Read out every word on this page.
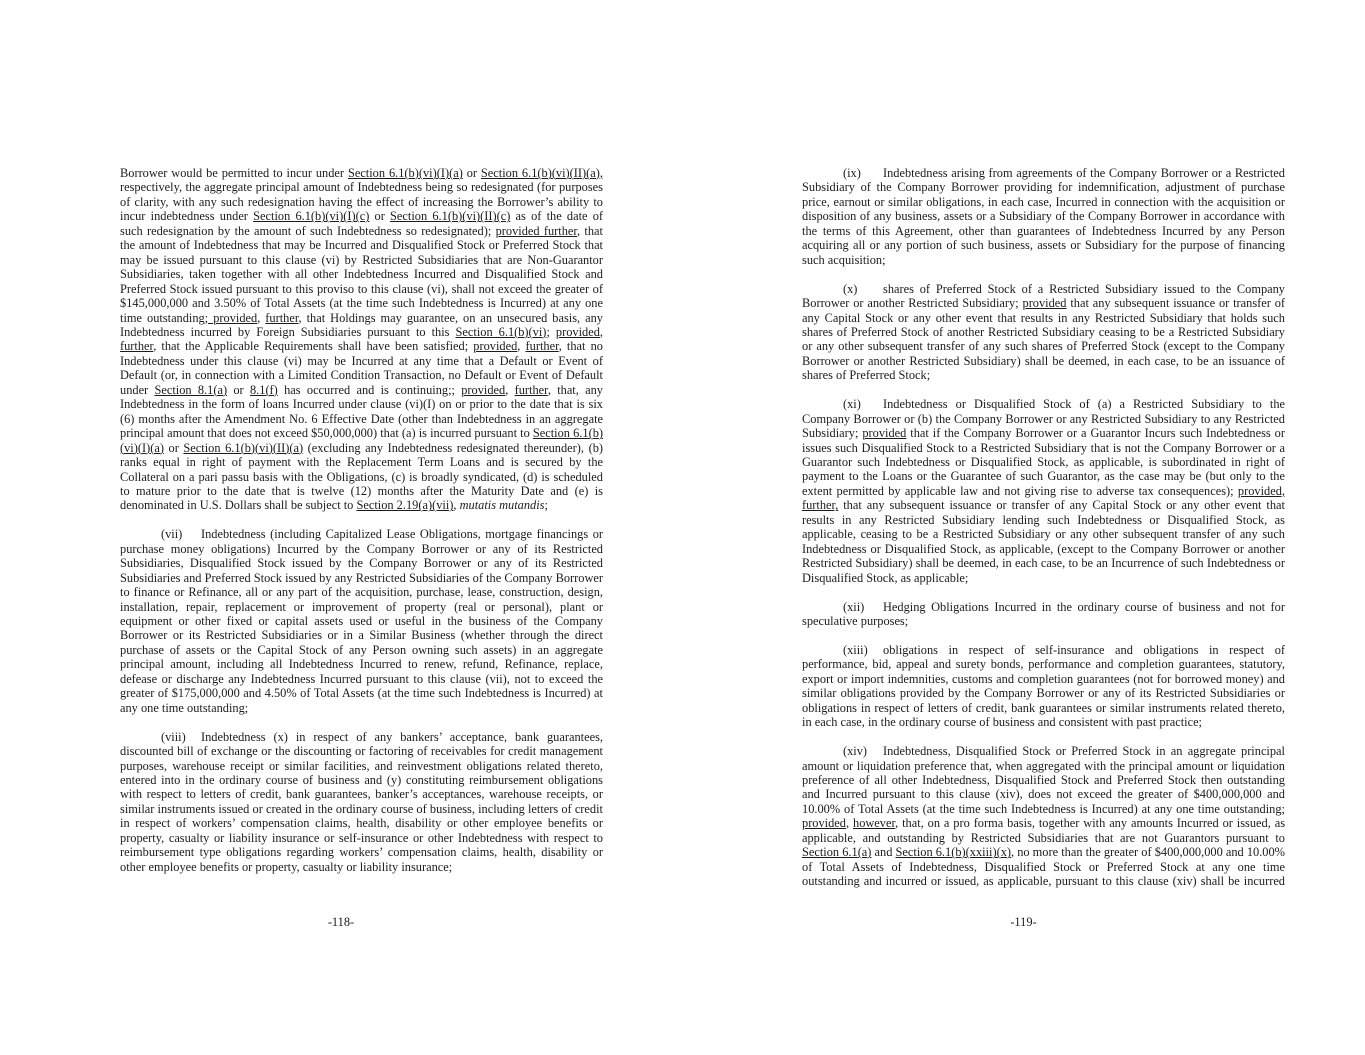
Borrower would be permitted to incur under Section 6.1(b)(vi)(I)(a) or Section 6.1(b)(vi)(II)(a), respectively, the aggregate principal amount of Indebtedness being so redesignated (for purposes of clarity, with any such redesignation having the effect of increasing the Borrower’s ability to incur indebtedness under Section 6.1(b)(vi)(I)(c) or Section 6.1(b)(vi)(II)(c) as of the date of such redesignation by the amount of such Indebtedness so redesignated); provided further, that the amount of Indebtedness that may be Incurred and Disqualified Stock or Preferred Stock that may be issued pursuant to this clause (vi) by Restricted Subsidiaries that are Non-Guarantor Subsidiaries, taken together with all other Indebtedness Incurred and Disqualified Stock and Preferred Stock issued pursuant to this proviso to this clause (vi), shall not exceed the greater of $145,000,000 and 3.50% of Total Assets (at the time such Indebtedness is Incurred) at any one time outstanding; provided, further, that Holdings may guarantee, on an unsecured basis, any Indebtedness incurred by Foreign Subsidiaries pursuant to this Section 6.1(b)(vi); provided, further, that the Applicable Requirements shall have been satisfied; provided, further, that no Indebtedness under this clause (vi) may be Incurred at any time that a Default or Event of Default (or, in connection with a Limited Condition Transaction, no Default or Event of Default under Section 8.1(a) or 8.1(f) has occurred and is continuing;; provided, further, that, any Indebtedness in the form of loans Incurred under clause (vi)(I) on or prior to the date that is six (6) months after the Amendment No. 6 Effective Date (other than Indebtedness in an aggregate principal amount that does not exceed $50,000,000) that (a) is incurred pursuant to Section 6.1(b)(vi)(I)(a) or Section 6.1(b)(vi)(II)(a) (excluding any Indebtedness redesignated thereunder), (b) ranks equal in right of payment with the Replacement Term Loans and is secured by the Collateral on a pari passu basis with the Obligations, (c) is broadly syndicated, (d) is scheduled to mature prior to the date that is twelve (12) months after the Maturity Date and (e) is denominated in U.S. Dollars shall be subject to Section 2.19(a)(vii), mutatis mutandis;

(vii) Indebtedness (including Capitalized Lease Obligations, mortgage financings or purchase money obligations) Incurred by the Company Borrower or any of its Restricted Subsidiaries, Disqualified Stock issued by the Company Borrower or any of its Restricted Subsidiaries and Preferred Stock issued by any Restricted Subsidiaries of the Company Borrower to finance or Refinance, all or any part of the acquisition, purchase, lease, construction, design, installation, repair, replacement or improvement of property (real or personal), plant or equipment or other fixed or capital assets used or useful in the business of the Company Borrower or its Restricted Subsidiaries or in a Similar Business (whether through the direct purchase of assets or the Capital Stock of any Person owning such assets) in an aggregate principal amount, including all Indebtedness Incurred to renew, refund, Refinance, replace, defease or discharge any Indebtedness Incurred pursuant to this clause (vii), not to exceed the greater of $175,000,000 and 4.50% of Total Assets (at the time such Indebtedness is Incurred) at any one time outstanding;

(viii) Indebtedness (x) in respect of any bankers’ acceptance, bank guarantees, discounted bill of exchange or the discounting or factoring of receivables for credit management purposes, warehouse receipt or similar facilities, and reinvestment obligations related thereto, entered into in the ordinary course of business and (y) constituting reimbursement obligations with respect to letters of credit, bank guarantees, banker’s acceptances, warehouse receipts, or similar instruments issued or created in the ordinary course of business, including letters of credit in respect of workers’ compensation claims, health, disability or other employee benefits or property, casualty or liability insurance or self-insurance or other Indebtedness with respect to reimbursement type obligations regarding workers’ compensation claims, health, disability or other employee benefits or property, casualty or liability insurance;

-118-

(ix) Indebtedness arising from agreements of the Company Borrower or a Restricted Subsidiary of the Company Borrower providing for indemnification, adjustment of purchase price, earnout or similar obligations, in each case, Incurred in connection with the acquisition or disposition of any business, assets or a Subsidiary of the Company Borrower in accordance with the terms of this Agreement, other than guarantees of Indebtedness Incurred by any Person acquiring all or any portion of such business, assets or Subsidiary for the purpose of financing such acquisition;

(x) shares of Preferred Stock of a Restricted Subsidiary issued to the Company Borrower or another Restricted Subsidiary; provided that any subsequent issuance or transfer of any Capital Stock or any other event that results in any Restricted Subsidiary that holds such shares of Preferred Stock of another Restricted Subsidiary ceasing to be a Restricted Subsidiary or any other subsequent transfer of any such shares of Preferred Stock (except to the Company Borrower or another Restricted Subsidiary) shall be deemed, in each case, to be an issuance of shares of Preferred Stock;

(xi) Indebtedness or Disqualified Stock of (a) a Restricted Subsidiary to the Company Borrower or (b) the Company Borrower or any Restricted Subsidiary to any Restricted Subsidiary; provided that if the Company Borrower or a Guarantor Incurs such Indebtedness or issues such Disqualified Stock to a Restricted Subsidiary that is not the Company Borrower or a Guarantor such Indebtedness or Disqualified Stock, as applicable, is subordinated in right of payment to the Loans or the Guarantee of such Guarantor, as the case may be (but only to the extent permitted by applicable law and not giving rise to adverse tax consequences); provided, further, that any subsequent issuance or transfer of any Capital Stock or any other event that results in any Restricted Subsidiary lending such Indebtedness or Disqualified Stock, as applicable, ceasing to be a Restricted Subsidiary or any other subsequent transfer of any such Indebtedness or Disqualified Stock, as applicable, (except to the Company Borrower or another Restricted Subsidiary) shall be deemed, in each case, to be an Incurrence of such Indebtedness or Disqualified Stock, as applicable;

(xii) Hedging Obligations Incurred in the ordinary course of business and not for speculative purposes;

(xiii) obligations in respect of self-insurance and obligations in respect of performance, bid, appeal and surety bonds, performance and completion guarantees, statutory, export or import indemnities, customs and completion guarantees (not for borrowed money) and similar obligations provided by the Company Borrower or any of its Restricted Subsidiaries or obligations in respect of letters of credit, bank guarantees or similar instruments related thereto, in each case, in the ordinary course of business and consistent with past practice;

(xiv) Indebtedness, Disqualified Stock or Preferred Stock in an aggregate principal amount or liquidation preference that, when aggregated with the principal amount or liquidation preference of all other Indebtedness, Disqualified Stock and Preferred Stock then outstanding and Incurred pursuant to this clause (xiv), does not exceed the greater of $400,000,000 and 10.00% of Total Assets (at the time such Indebtedness is Incurred) at any one time outstanding; provided, however, that, on a pro forma basis, together with any amounts Incurred or issued, as applicable, and outstanding by Restricted Subsidiaries that are not Guarantors pursuant to Section 6.1(a) and Section 6.1(b)(xxiii)(x), no more than the greater of $400,000,000 and 10.00% of Total Assets of Indebtedness, Disqualified Stock or Preferred Stock at any one time outstanding and incurred or issued, as applicable, pursuant to this clause (xiv) shall be incurred

-119-
